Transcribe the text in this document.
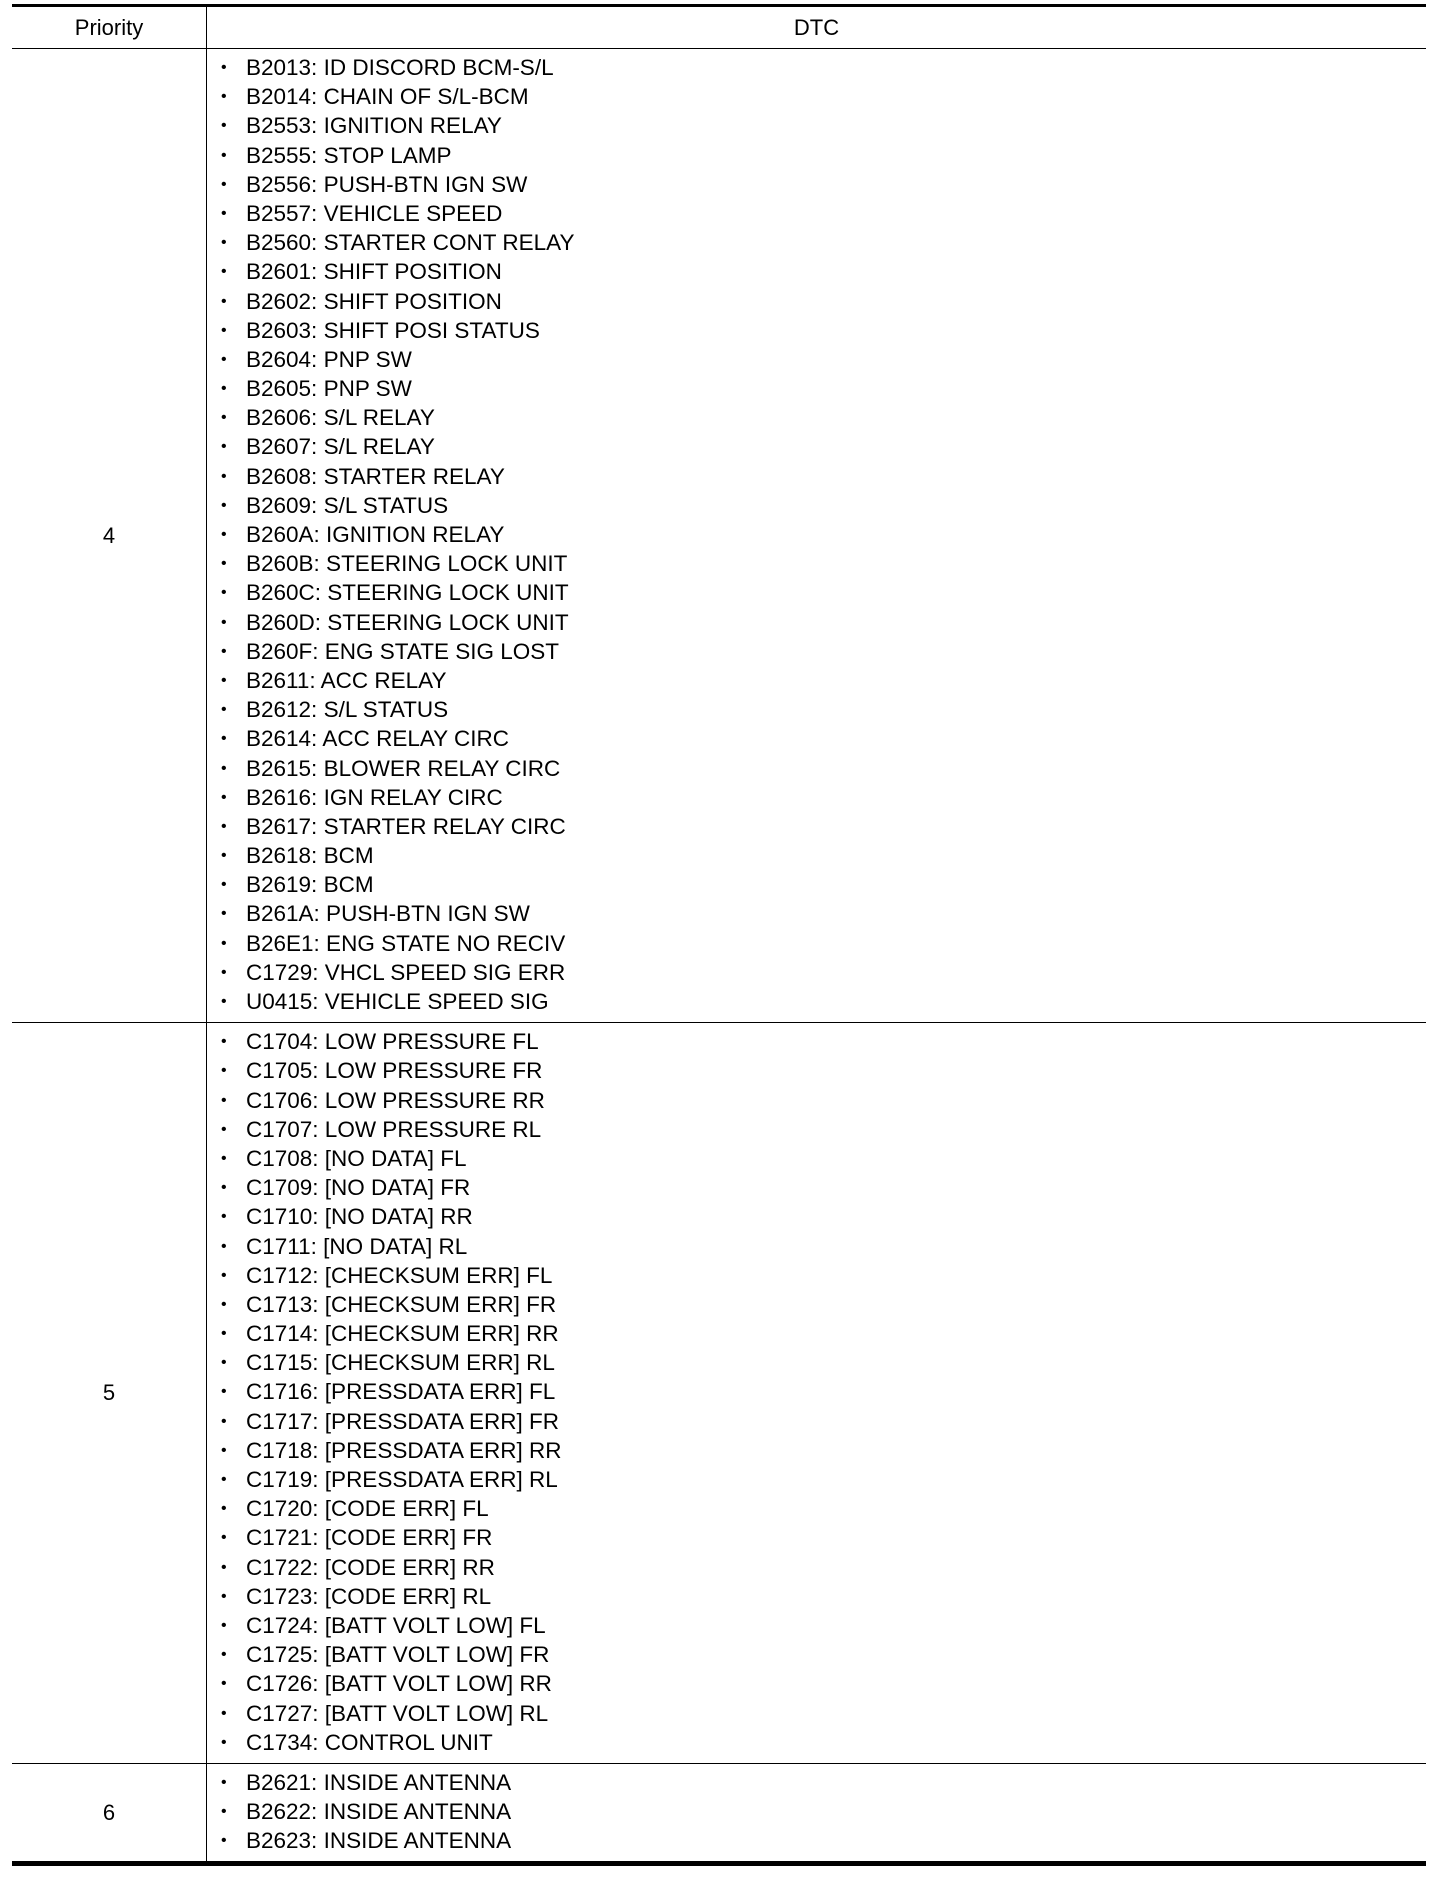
Priority	DTC
4
• B2013: ID DISCORD BCM-S/L
• B2014: CHAIN OF S/L-BCM
• B2553: IGNITION RELAY
• B2555: STOP LAMP
• B2556: PUSH-BTN IGN SW
• B2557: VEHICLE SPEED
• B2560: STARTER CONT RELAY
• B2601: SHIFT POSITION
• B2602: SHIFT POSITION
• B2603: SHIFT POSI STATUS
• B2604: PNP SW
• B2605: PNP SW
• B2606: S/L RELAY
• B2607: S/L RELAY
• B2608: STARTER RELAY
• B2609: S/L STATUS
• B260A: IGNITION RELAY
• B260B: STEERING LOCK UNIT
• B260C: STEERING LOCK UNIT
• B260D: STEERING LOCK UNIT
• B260F: ENG STATE SIG LOST
• B2611: ACC RELAY
• B2612: S/L STATUS
• B2614: ACC RELAY CIRC
• B2615: BLOWER RELAY CIRC
• B2616: IGN RELAY CIRC
• B2617: STARTER RELAY CIRC
• B2618: BCM
• B2619: BCM
• B261A: PUSH-BTN IGN SW
• B26E1: ENG STATE NO RECIV
• C1729: VHCL SPEED SIG ERR
• U0415: VEHICLE SPEED SIG
5
• C1704: LOW PRESSURE FL
• C1705: LOW PRESSURE FR
• C1706: LOW PRESSURE RR
• C1707: LOW PRESSURE RL
• C1708: [NO DATA] FL
• C1709: [NO DATA] FR
• C1710: [NO DATA] RR
• C1711: [NO DATA] RL
• C1712: [CHECKSUM ERR] FL
• C1713: [CHECKSUM ERR] FR
• C1714: [CHECKSUM ERR] RR
• C1715: [CHECKSUM ERR] RL
• C1716: [PRESSDATA ERR] FL
• C1717: [PRESSDATA ERR] FR
• C1718: [PRESSDATA ERR] RR
• C1719: [PRESSDATA ERR] RL
• C1720: [CODE ERR] FL
• C1721: [CODE ERR] FR
• C1722: [CODE ERR] RR
• C1723: [CODE ERR] RL
• C1724: [BATT VOLT LOW] FL
• C1725: [BATT VOLT LOW] FR
• C1726: [BATT VOLT LOW] RR
• C1727: [BATT VOLT LOW] RL
• C1734: CONTROL UNIT
6
• B2621: INSIDE ANTENNA
• B2622: INSIDE ANTENNA
• B2623: INSIDE ANTENNA
